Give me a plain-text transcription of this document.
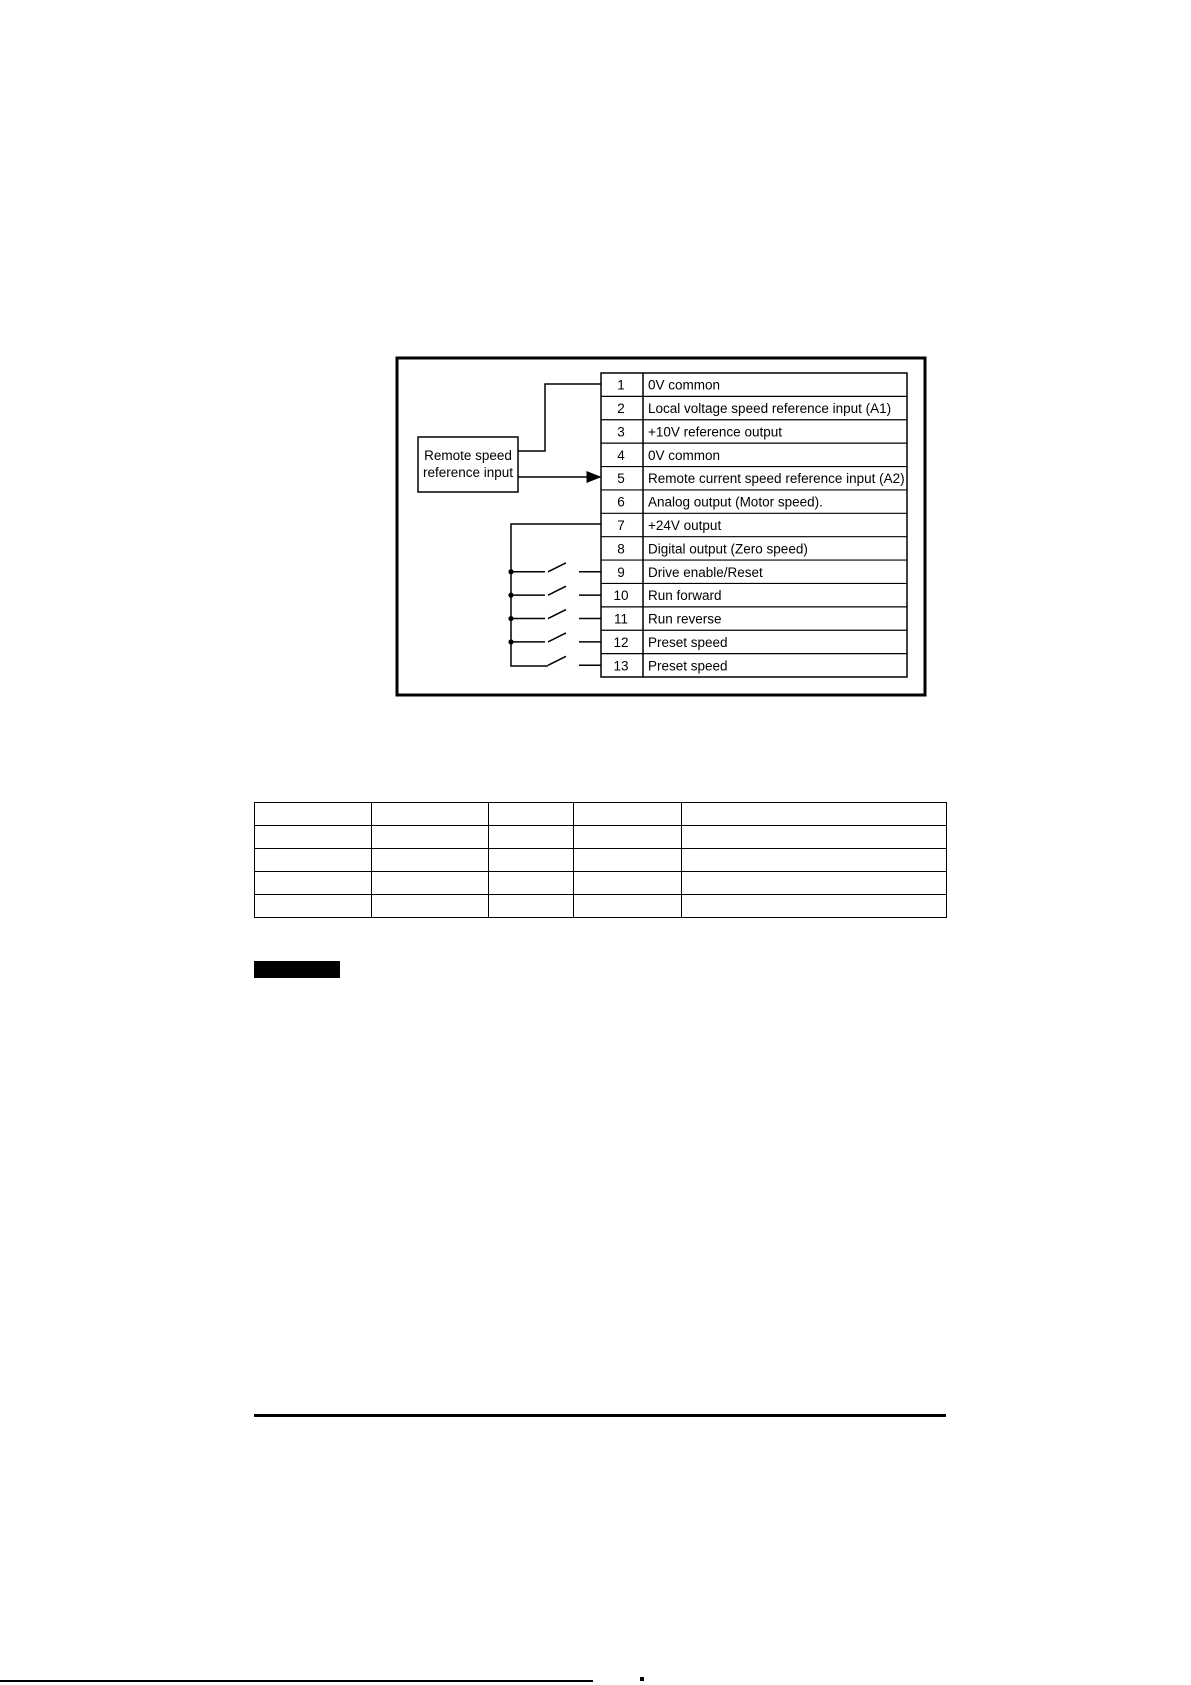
1 0V common
2 Local voltage speed reference input (A1)
3 +10V reference output
4 0V common
5 Remote current speed reference input (A2)
6 Analog output (Motor speed).
7 +24V output
8 Digital output (Zero speed)
9 Drive enable/Reset
10 Run forward
11 Run reverse
12 Preset speed
13 Preset speed
Remote speed
reference input
